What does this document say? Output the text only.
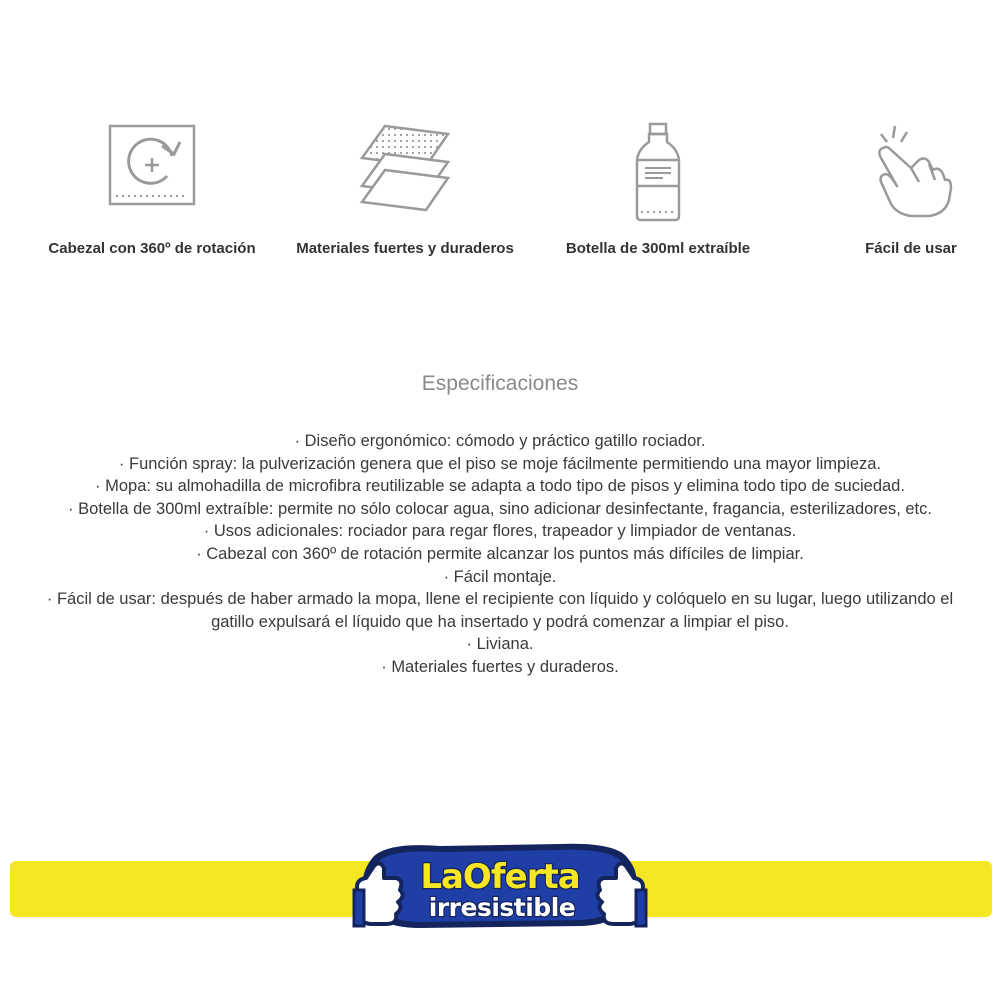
Cabezal con 360º de rotación	Materiales fuertes y duraderos	Botella de 300ml extraíble	Fácil de usar
Especificaciones
· Diseño ergonómico: cómodo y práctico gatillo rociador.
· Función spray: la pulverización genera que el piso se moje fácilmente permitiendo una mayor limpieza.
· Mopa: su almohadilla de microfibra reutilizable se adapta a todo tipo de pisos y elimina todo tipo de suciedad.
· Botella de 300ml extraíble: permite no sólo colocar agua, sino adicionar desinfectante, fragancia, esterilizadores, etc.
· Usos adicionales: rociador para regar flores, trapeador y limpiador de ventanas.
· Cabezal con 360º de rotación permite alcanzar los puntos más difíciles de limpiar.
· Fácil montaje.
· Fácil de usar: después de haber armado la mopa, llene el recipiente con líquido y colóquelo en su lugar, luego utilizando el gatillo expulsará el líquido que ha insertado y podrá comenzar a limpiar el piso.
· Liviana.
· Materiales fuertes y duraderos.
LaOferta
irresistible
